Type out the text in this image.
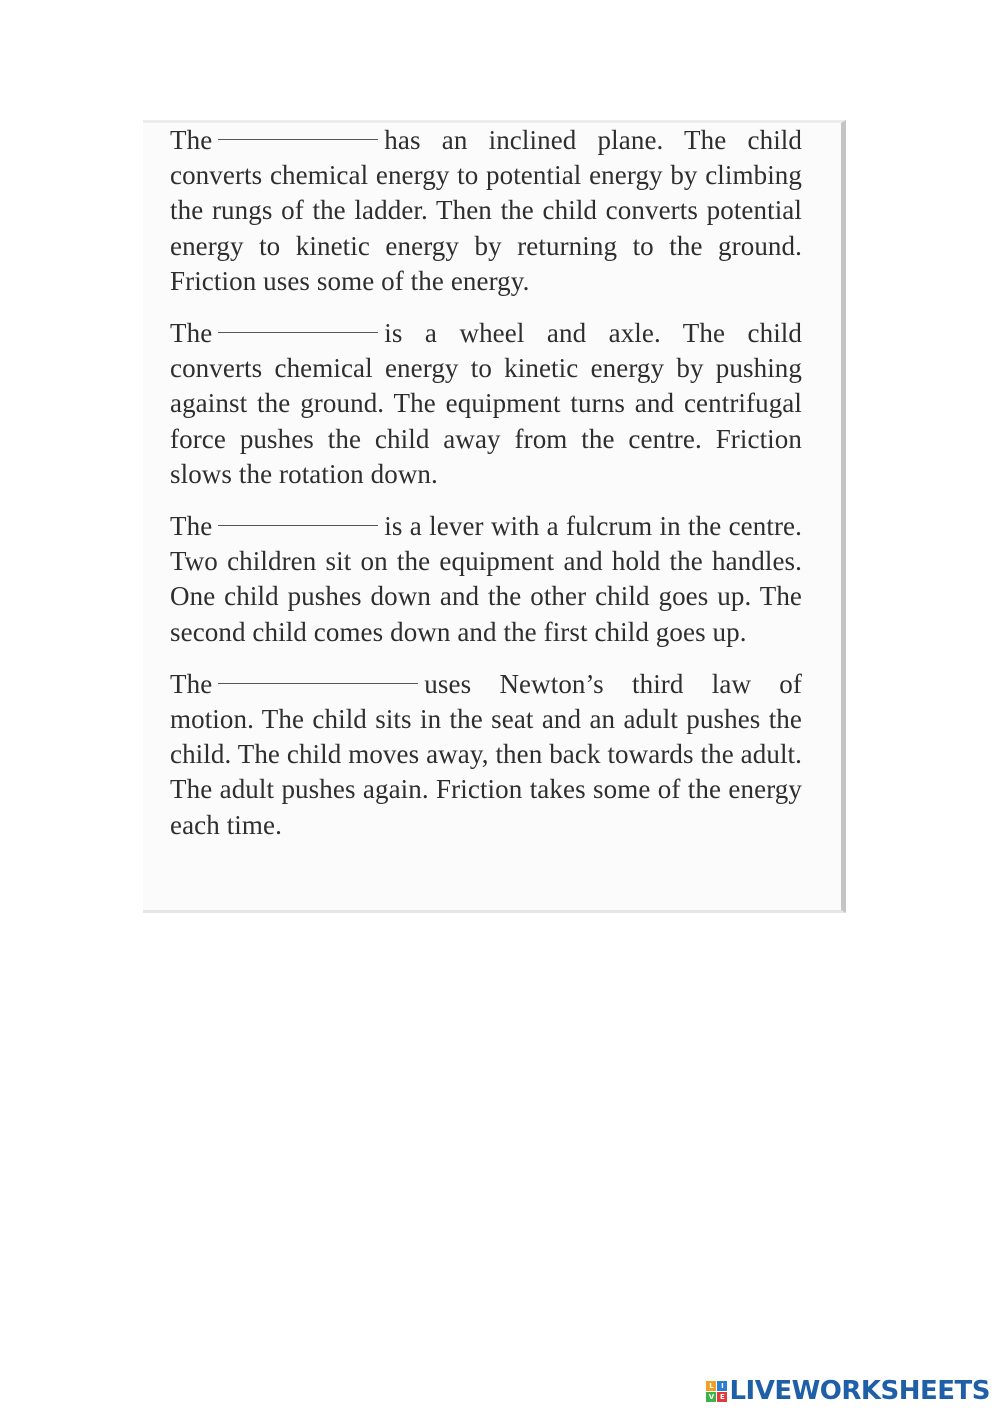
The	has an inclined plane. The child converts chemical energy to potential energy by climbing the rungs of the ladder. Then the child converts potential energy to kinetic energy by returning to the ground. Friction uses some of the energy.

The	is a wheel and axle. The child converts chemical energy to kinetic energy by pushing against the ground. The equipment turns and centrifugal force pushes the child away from the centre. Friction slows the rotation down.

The	is a lever with a fulcrum in the centre. Two children sit on the equipment and hold the handles. One child pushes down and the other child goes up. The second child comes down and the first child goes up.

The	uses Newton’s third law of motion. The child sits in the seat and an adult pushes the child. The child moves away, then back towards the adult. The adult pushes again. Friction takes some of the energy each time.

L	I
V E LIVEWORKSHEETS
